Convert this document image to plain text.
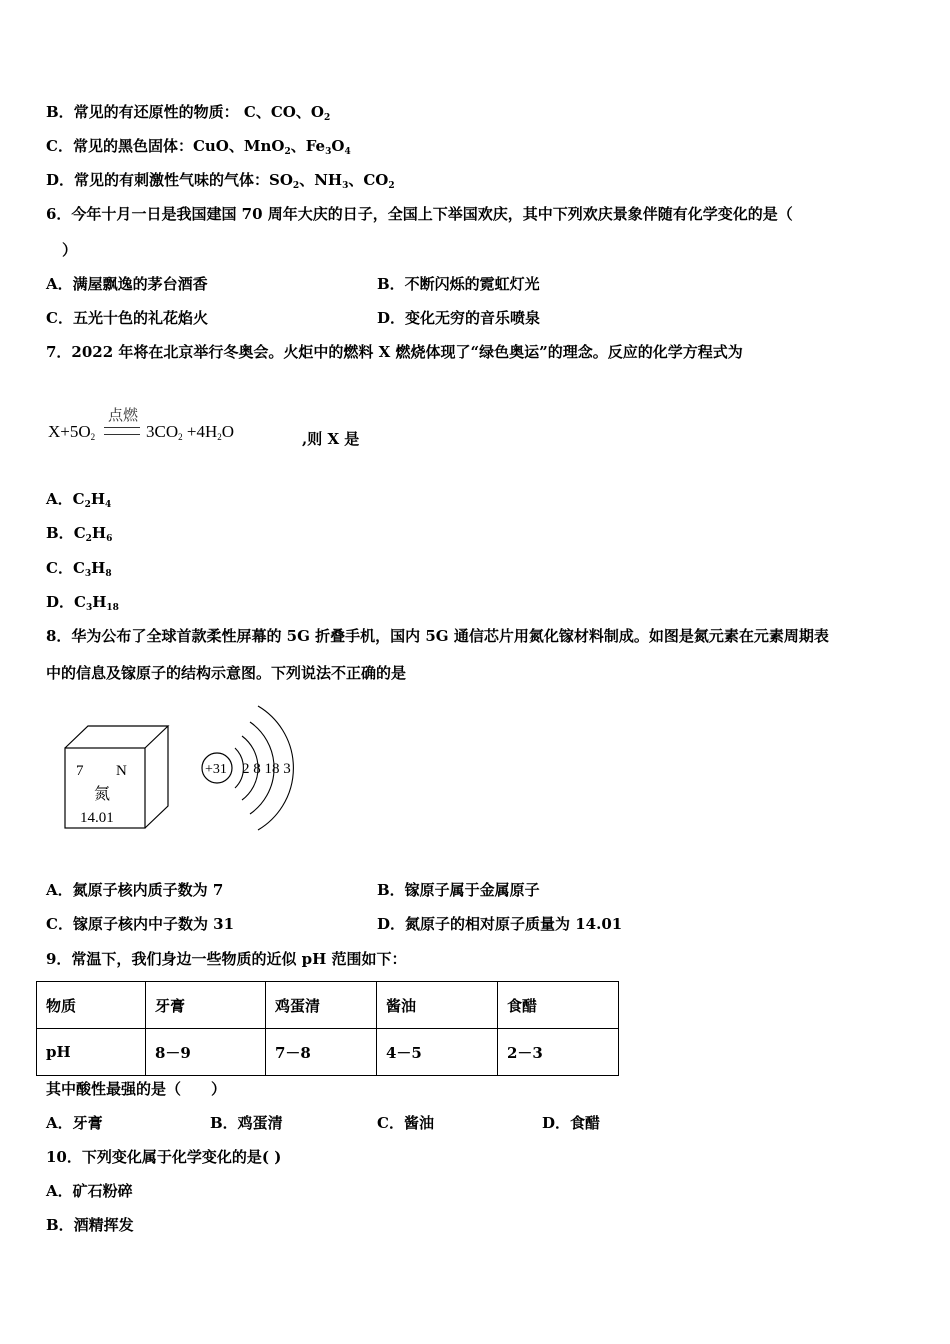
B．常见的有还原性的物质： C、CO、$O_2$
C．常见的黑色固体：CuO、MnO$_2$、$Fe_3O_4$
D．常见的有刺激性气味的气体：$SO_2$、$NH_3$、$CO_2$
6．今年十月一日是我国建国 70 周年大庆的日子，全国上下举国欢庆，其中下列欢庆景象伴随有化学变化的是（
）
A．满屋飘逸的茅台酒香	B．不断闪烁的霓虹灯光
C．五光十色的礼花焰火	D．变化无穷的音乐喷泉
7．2022 年将在北京举行冬奥会。火炬中的燃料 X 燃烧体现了“绿色奥运”的理念。反应的化学方程式为
点燃
$X+5O_2$	$3CO_2 +4H_2O$	,则 X 是
A．$C_2H_4$
B．$C_2H_6$
C．$C_3H_8$
D．$C_3H_{18}$
8．华为公布了全球首款柔性屏幕的 5G 折叠手机，国内 5G 通信芯片用氮化镓材料制成。如图是氮元素在元素周期表
中的信息及镓原子的结构示意图。下列说法不正确的是
7 N
氮
14.01
+31 2 8 18 3
A．氮原子核内质子数为 7	B．镓原子属于金属原子
C．镓原子核内中子数为 31	D．氮原子的相对原子质量为 14.01
9．常温下，我们身边一些物质的近似 pH 范围如下：
物质	牙膏	鸡蛋清	酱油	食醋
pH	8－9	7－8	4－5	2－3
其中酸性最强的是（　　）
A．牙膏	B．鸡蛋清	C．酱油	D．食醋
10．下列变化属于化学变化的是( )
A．矿石粉碎
B．酒精挥发
